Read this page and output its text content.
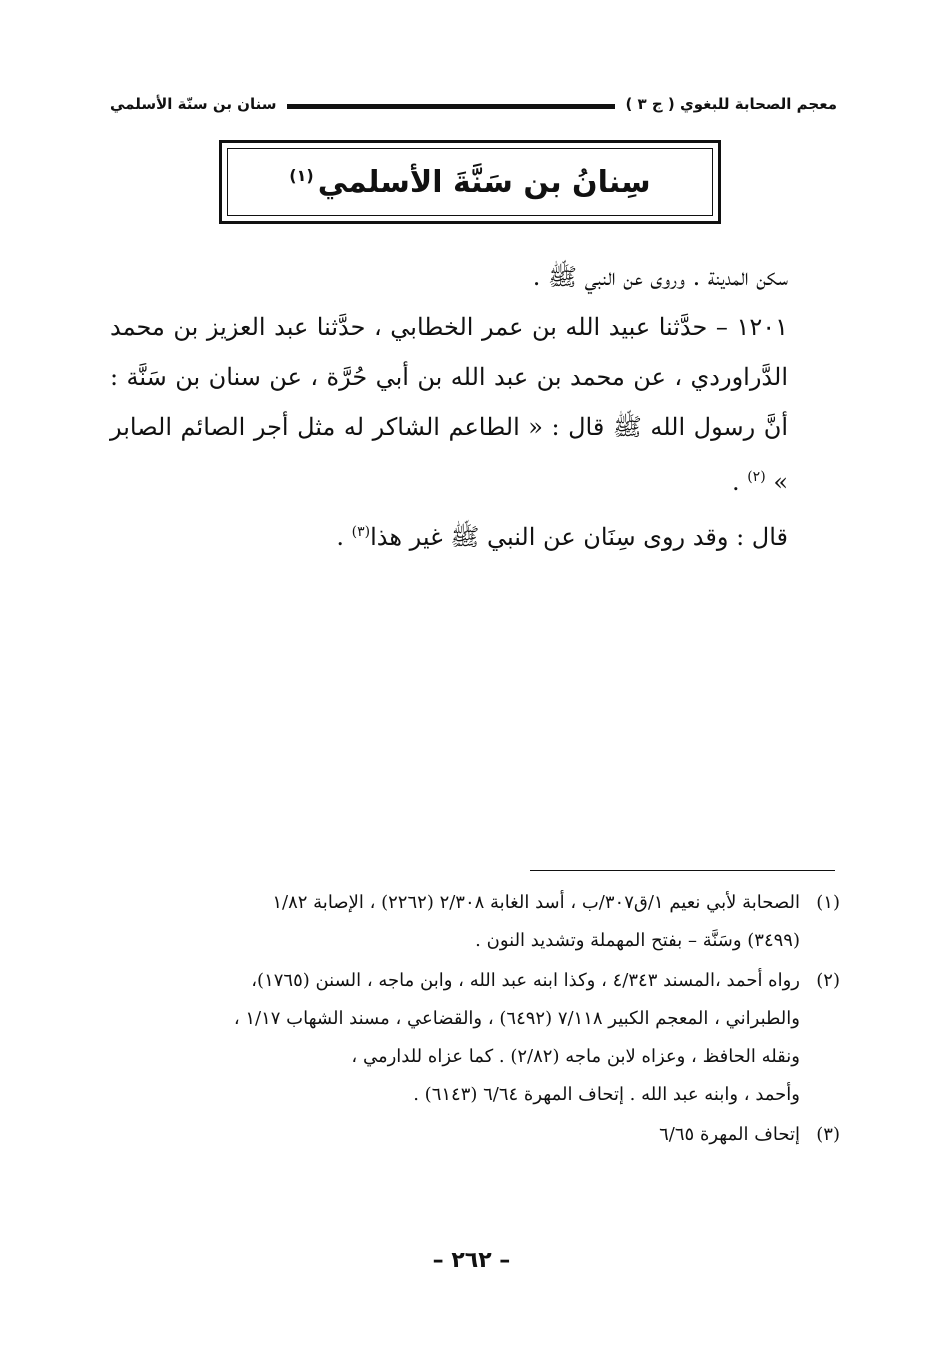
معجم الصحابة للبغوي ( ج ٣ )
سنان بن سنّة الأسلمي
سِنانُ بن سَنَّةَ الأسلمي$^{(١)}$

سكن المدينة . وروى عن النبي ﷺ .

١٢٠١ – حدَّثنا عبيد الله بن عمر الخطابي ، حدَّثنا عبد العزيز بن محمد الدَّراوردي ، عن محمد بن عبد الله بن أبي حُرَّة ، عن سنان بن سَنَّة : أنَّ رسول الله ﷺ قال : « الطاعم الشاكر له مثل أجر الصائم الصابر » $^{(٢)}$ .

قال : وقد روى سِنَان عن النبي ﷺ غير هذا$^{(٣)}$ .

(١)
الصحابة لأبي نعيم ١/ق٣٠٧/ب ، أسد الغابة ٢/٣٠٨ (٢٢٦٢) ، الإصابة ١/٨٢
(٣٤٩٩) وسَنَّة – بفتح المهملة وتشديد النون .
(٢)
رواه أحمد ،المسند ٤/٣٤٣ ، وكذا ابنه عبد الله ، وابن ماجه ، السنن (١٧٦٥)،
والطبراني ، المعجم الكبير ٧/١١٨ (٦٤٩٢) ، والقضاعي ، مسند الشهاب ١/١٧ ،
ونقله الحافظ ، وعزاه لابن ماجه (٢/٨٢) . كما عزاه للدارمي ،
وأحمد ، وابنه عبد الله . إتحاف المهرة ٦/٦٤ (٦١٤٣) .
(٣)
إتحاف المهرة ٦/٦٥
– ٢٦٢ –
